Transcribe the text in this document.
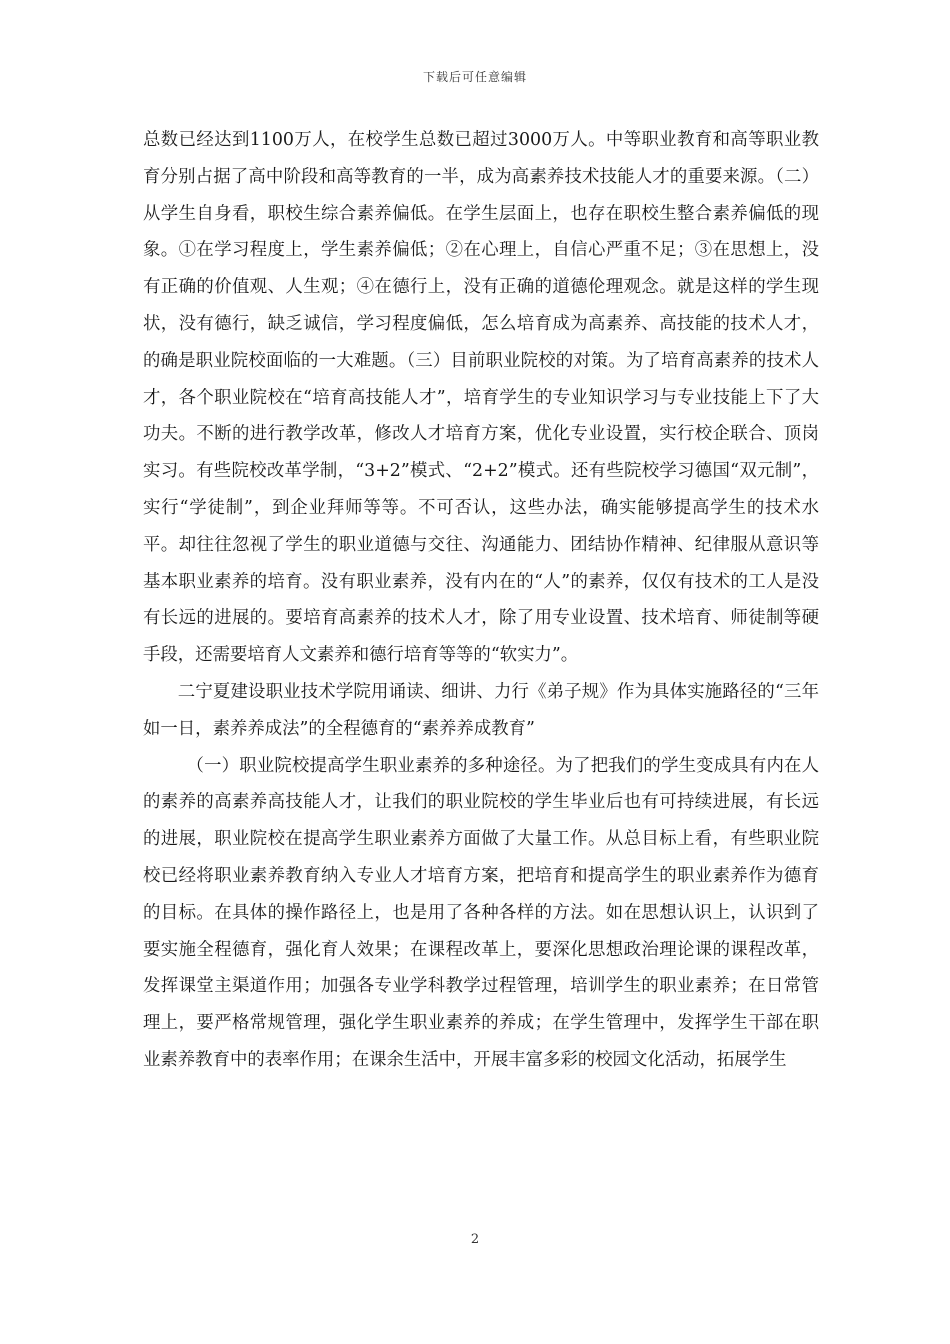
下载后可任意编辑

总数已经达到1100万人，在校学生总数已超过3000万人。中等职业教育和高等职业教育分别占据了高中阶段和高等教育的一半，成为高素养技术技能人才的重要来源。（二）从学生自身看，职校生综合素养偏低。在学生层面上，也存在职校生整合素养偏低的现象。①在学习程度上，学生素养偏低；②在心理上，自信心严重不足；③在思想上，没有正确的价值观、人生观；④在德行上，没有正确的道德伦理观念。就是这样的学生现状，没有德行，缺乏诚信，学习程度偏低，怎么培育成为高素养、高技能的技术人才，的确是职业院校面临的一大难题。（三）目前职业院校的对策。为了培育高素养的技术人才，各个职业院校在“培育高技能人才”，培育学生的专业知识学习与专业技能上下了大功夫。不断的进行教学改革，修改人才培育方案，优化专业设置，实行校企联合、顶岗实习。有些院校改革学制，“3+2”模式、“2+2”模式。还有些院校学习德国“双元制”，实行“学徒制”，到企业拜师等等。不可否认，这些办法，确实能够提高学生的技术水平。却往往忽视了学生的职业道德与交往、沟通能力、团结协作精神、纪律服从意识等基本职业素养的培育。没有职业素养，没有内在的“人”的素养，仅仅有技术的工人是没有长远的进展的。要培育高素养的技术人才，除了用专业设置、技术培育、师徒制等硬手段，还需要培育人文素养和德行培育等等的“软实力”。

二宁夏建设职业技术学院用诵读、细讲、力行《弟子规》作为具体实施路径的“三年如一日，素养养成法”的全程德育的“素养养成教育”

（一）职业院校提高学生职业素养的多种途径。为了把我们的学生变成具有内在人的素养的高素养高技能人才，让我们的职业院校的学生毕业后也有可持续进展，有长远的进展，职业院校在提高学生职业素养方面做了大量工作。从总目标上看，有些职业院校已经将职业素养教育纳入专业人才培育方案，把培育和提高学生的职业素养作为德育的目标。在具体的操作路径上，也是用了各种各样的方法。如在思想认识上，认识到了要实施全程德育，强化育人效果；在课程改革上，要深化思想政治理论课的课程改革，发挥课堂主渠道作用；加强各专业学科教学过程管理，培训学生的职业素养；在日常管理上，要严格常规管理，强化学生职业素养的养成；在学生管理中，发挥学生干部在职业素养教育中的表率作用；在课余生活中，开展丰富多彩的校园文化活动，拓展学生

2
